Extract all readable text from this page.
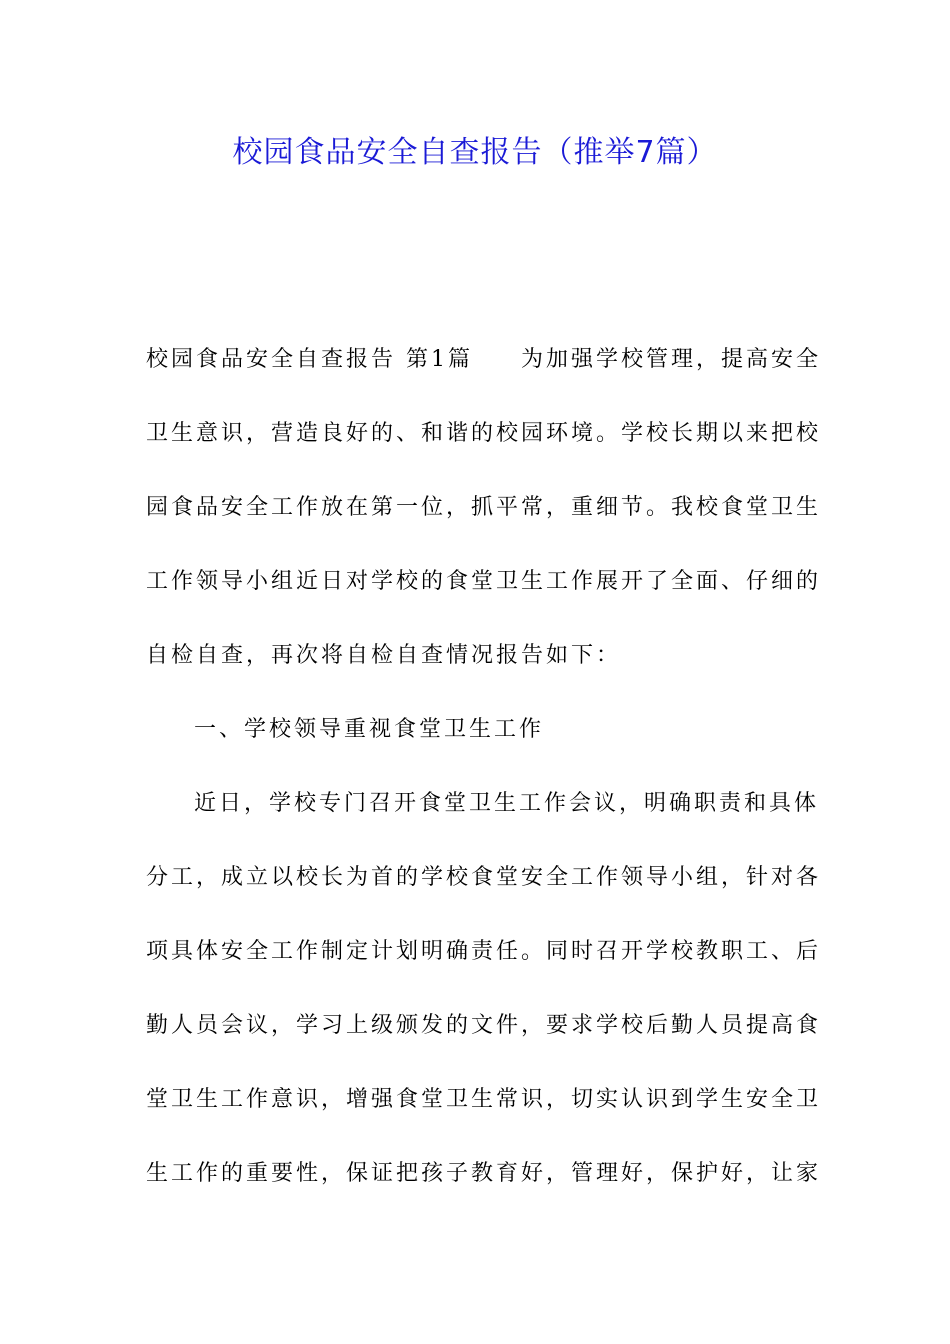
校园食品安全自查报告（推举7篇）
校园食品安全自查报告 第1篇 为加强学校管理，提高安全
卫生意识，营造良好的、和谐的校园环境。学校长期以来把校
园食品安全工作放在第一位，抓平常，重细节。我校食堂卫生
工作领导小组近日对学校的食堂卫生工作展开了全面、仔细的
自检自查，再次将自检自查情况报告如下：
一、学校领导重视食堂卫生工作
近日，学校专门召开食堂卫生工作会议，明确职责和具体
分工，成立以校长为首的学校食堂安全工作领导小组，针对各
项具体安全工作制定计划明确责任。同时召开学校教职工、后
勤人员会议，学习上级颁发的文件，要求学校后勤人员提高食
堂卫生工作意识，增强食堂卫生常识，切实认识到学生安全卫
生工作的重要性，保证把孩子教育好，管理好，保护好，让家
